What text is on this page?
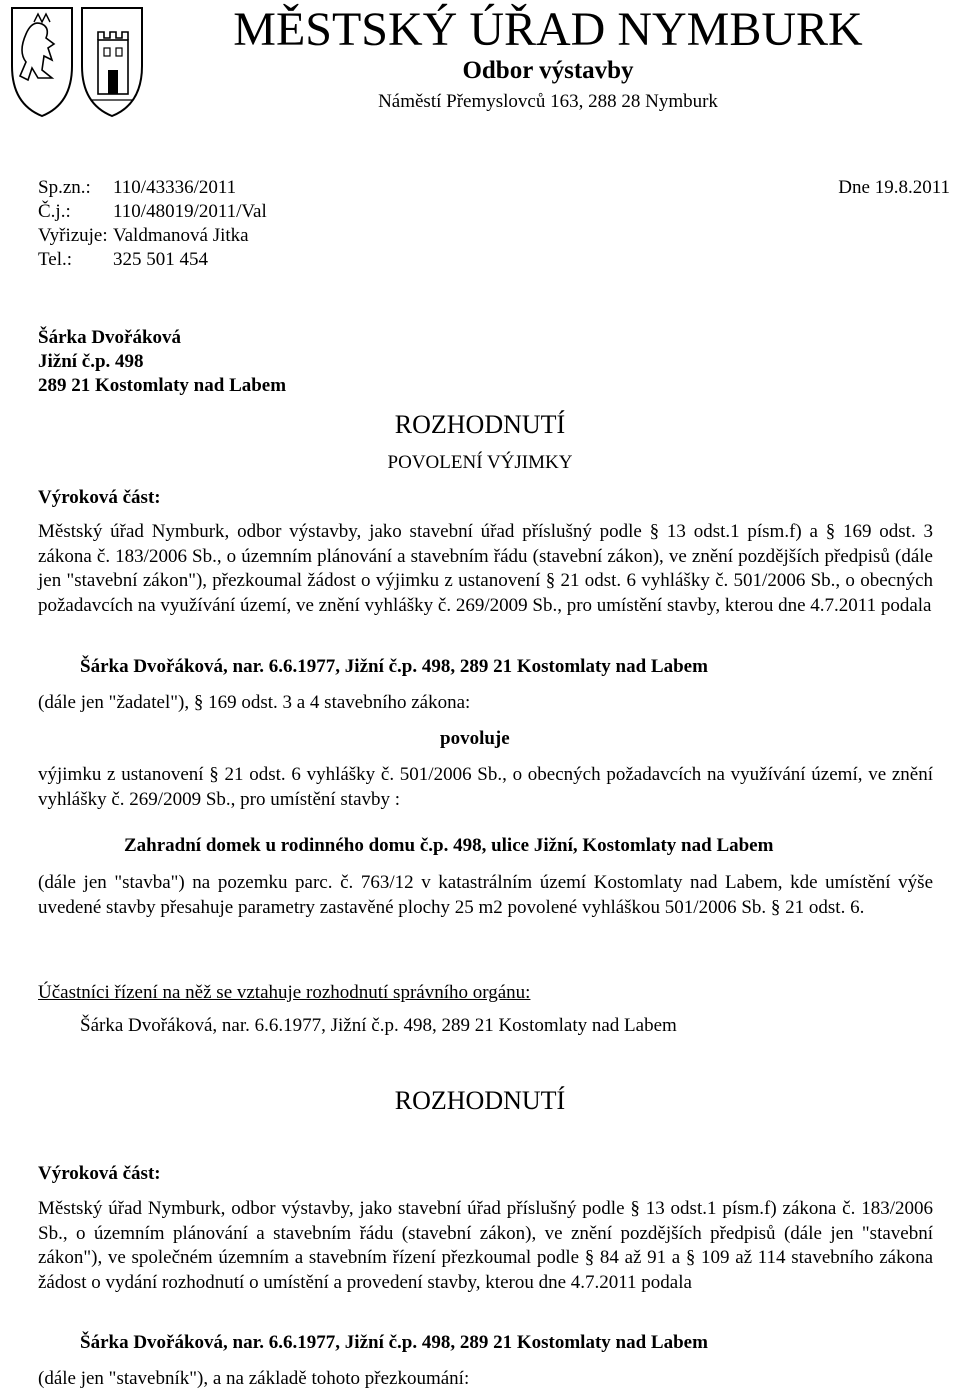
MĚSTSKÝ ÚŘAD NYMBURK
Odbor výstavby
Náměstí Přemyslovců 163, 288 28 Nymburk
Sp.zn.: 110/43336/2011
Č.j.: 110/48019/2011/Val
Vyřizuje: Valdmanová Jitka
Tel.: 325 501 454
Dne 19.8.2011
Šárka Dvořáková
Jižní č.p. 498
289 21 Kostomlaty nad Labem
ROZHODNUTÍ
POVOLENÍ VÝJIMKY
Výroková část:
Městský úřad Nymburk, odbor výstavby, jako stavební úřad příslušný podle § 13 odst.1 písm.f) a § 169 odst. 3 zákona č. 183/2006 Sb., o územním plánování a stavebním řádu (stavební zákon), ve znění pozdějších předpisů (dále jen "stavební zákon"), přezkoumal žádost o výjimku z ustanovení § 21 odst. 6 vyhlášky č. 501/2006 Sb., o obecných požadavcích na využívání území, ve znění vyhlášky č. 269/2009 Sb., pro umístění stavby, kterou dne 4.7.2011 podala
Šárka Dvořáková, nar. 6.6.1977, Jižní č.p. 498, 289 21 Kostomlaty nad Labem
(dále jen "žadatel"), § 169 odst. 3 a 4 stavebního zákona:
povoluje
výjimku z ustanovení § 21 odst. 6 vyhlášky č. 501/2006 Sb., o obecných požadavcích na využívání území, ve znění vyhlášky č. 269/2009 Sb., pro umístění stavby :
Zahradní domek u rodinného domu č.p. 498, ulice Jižní, Kostomlaty nad Labem
(dále jen "stavba") na pozemku parc. č. 763/12 v katastrálním území Kostomlaty nad Labem, kde umístění výše uvedené stavby přesahuje parametry zastavěné plochy 25 m2 povolené vyhláškou 501/2006 Sb. § 21 odst. 6.
Účastníci řízení na něž se vztahuje rozhodnutí správního orgánu:
Šárka Dvořáková, nar. 6.6.1977, Jižní č.p. 498, 289 21 Kostomlaty nad Labem
ROZHODNUTÍ
Výroková část:
Městský úřad Nymburk, odbor výstavby, jako stavební úřad příslušný podle § 13 odst.1 písm.f) zákona č. 183/2006 Sb., o územním plánování a stavebním řádu (stavební zákon), ve znění pozdějších předpisů (dále jen "stavební zákon"), ve společném územním a stavebním řízení přezkoumal podle § 84 až 91 a § 109 až 114 stavebního zákona žádost o vydání rozhodnutí o umístění a provedení stavby, kterou dne 4.7.2011 podala
Šárka Dvořáková, nar. 6.6.1977, Jižní č.p. 498, 289 21 Kostomlaty nad Labem
(dále jen "stavebník"), a na základě tohoto přezkoumání:
